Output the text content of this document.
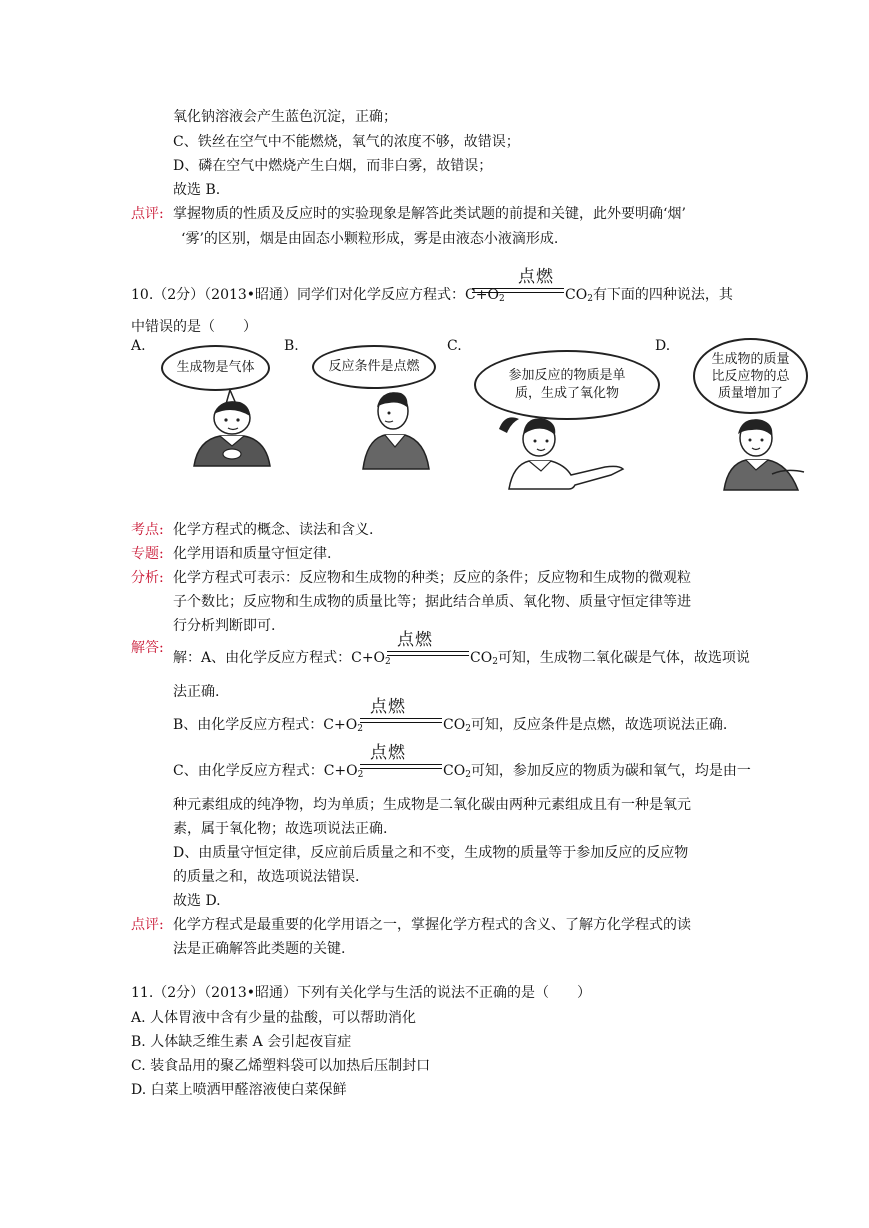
氧化钠溶液会产生蓝色沉淀，正确；
C、铁丝在空气中不能燃烧，氧气的浓度不够，故错误；
D、磷在空气中燃烧产生白烟，而非白雾，故错误；
故选 B.
点评: 掌握物质的性质及反应时的实验现象是解答此类试题的前提和关键，此外要明确‘烟’
‘雾’的区别，烟是由固态小颗粒形成，雾是由液态小液滴形成.
10.（2分）（2013•昭通）同学们对化学反应方程式：$C+O_2$
点燃
$CO_2$有下面的四种说法，其
中错误的是（　　）
A.	B.	C.	D.
生成物是气体	反应条件是点燃
参加反应的物质是单
质，生成了氧化物
生成物的质量
比反应物的总
质量增加了
考点: 化学方程式的概念、读法和含义.
专题: 化学用语和质量守恒定律.
分析: 化学方程式可表示：反应物和生成物的种类；反应的条件；反应物和生成物的微观粒
子个数比；反应物和生成物的质量比等；据此结合单质、氧化物、质量守恒定律等进
行分析判断即可.
解答:
解：A、由化学反应方程式：$C+O_2$
点燃
$CO_2$可知，生成物二氧化碳是气体，故选项说
法正确.
B、由化学反应方程式：$C+O_2$
点燃
$CO_2$可知，反应条件是点燃，故选项说法正确.
C、由化学反应方程式：$C+O_2$
点燃
$CO_2$可知，参加反应的物质为碳和氧气，均是由一
种元素组成的纯净物，均为单质；生成物是二氧化碳由两种元素组成且有一种是氧元
素，属于氧化物；故选项说法正确.
D、由质量守恒定律，反应前后质量之和不变，生成物的质量等于参加反应的反应物
的质量之和，故选项说法错误.
故选 D.
点评: 化学方程式是最重要的化学用语之一，掌握化学方程式的含义、了解方化学程式的读
法是正确解答此类题的关键.
11.（2分）（2013•昭通）下列有关化学与生活的说法不正确的是（　　）
A. 人体胃液中含有少量的盐酸，可以帮助消化
B. 人体缺乏维生素 A 会引起夜盲症
C. 装食品用的聚乙烯塑料袋可以加热后压制封口
D. 白菜上喷洒甲醛溶液使白菜保鲜
